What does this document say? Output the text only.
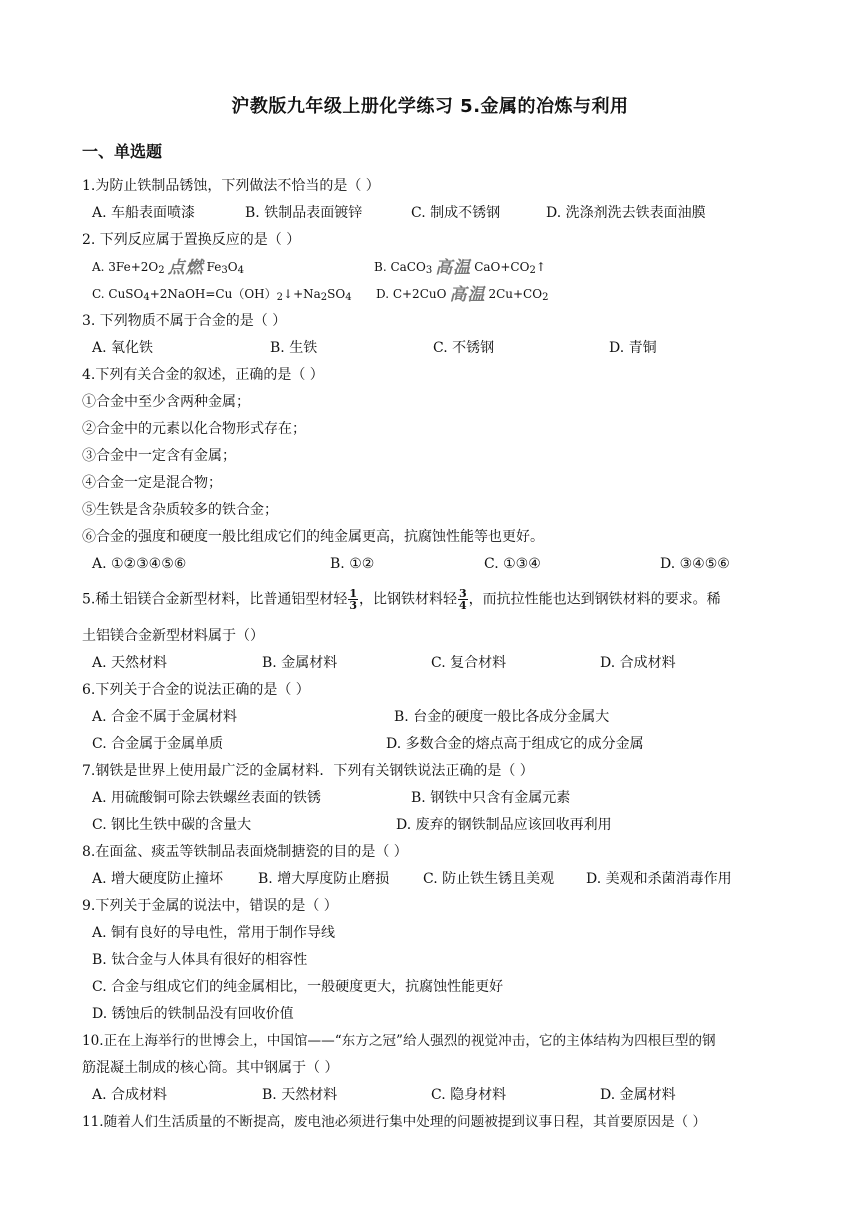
沪教版九年级上册化学练习 5.金属的冶炼与利用
一、单选题
1.为防止铁制品锈蚀，下列做法不恰当的是（ ）
A. 车船表面喷漆	B. 铁制品表面镀锌	C. 制成不锈钢	D. 洗涤剂洗去铁表面油膜
2. 下列反应属于置换反应的是（ ）
A. $3Fe+2O_2$ 点燃 $Fe_3O_4$	B. CaCO$_3$ 高温 $CaO+CO_2↑$
C. $CuSO_4+2NaOH=Cu(OH)_2↓+Na_2SO_4$ D. C+2CuO 高温 $2Cu+CO_2$
3. 下列物质不属于合金的是（ ）
A. 氧化铁	B. 生铁	C. 不锈钢	D. 青铜
4.下列有关合金的叙述，正确的是（ ）
①合金中至少含两种金属；
②合金中的元素以化合物形式存在；
③合金中一定含有金属；
④合金一定是混合物；
⑤生铁是含杂质较多的铁合金；
⑥合金的强度和硬度一般比组成它们的纯金属更高，抗腐蚀性能等也更好。
A. ①②③④⑤⑥	B. ①②	C. ①③④	D. ③④⑤⑥
5.稀土铝镁合金新型材料，比普通铝型材轻 $\frac{1}{3}$ ，比钢铁材料轻 $\frac{3}{4}$ ，而抗拉性能也达到钢铁材料的要求。稀
土铝镁合金新型材料属于（）
A. 天然材料	B. 金属材料	C. 复合材料	D. 合成材料
6.下列关于合金的说法正确的是（ ）
A. 合金不属于金属材料	B. 台金的硬度一般比各成分金属大
C. 合金属于金属单质	D. 多数合金的熔点高于组成它的成分金属
7.钢铁是世界上使用最广泛的金属材料．下列有关钢铁说法正确的是（ ）
A. 用硫酸铜可除去铁螺丝表面的铁锈	B. 钢铁中只含有金属元素
C. 钢比生铁中碳的含量大	D. 废弃的钢铁制品应该回收再利用
8.在面盆、痰盂等铁制品表面烧制搪瓷的目的是（ ）
A. 增大硬度防止撞坏 B. 增大厚度防止磨损 C. 防止铁生锈且美观 D. 美观和杀菌消毒作用
9.下列关于金属的说法中，错误的是（ ）
A. 铜有良好的导电性，常用于制作导线
B. 钛合金与人体具有很好的相容性
C. 合金与组成它们的纯金属相比，一般硬度更大，抗腐蚀性能更好
D. 锈蚀后的铁制品没有回收价值
10.正在上海举行的世博会上，中国馆——“东方之冠”给人强烈的视觉冲击，它的主体结构为四根巨型的钢
筋混凝土制成的核心筒。其中钢属于（ ）
A. 合成材料	B. 天然材料	C. 隐身材料	D. 金属材料
11.随着人们生活质量的不断提高，废电池必须进行集中处理的问题被提到议事日程，其首要原因是（ ）
